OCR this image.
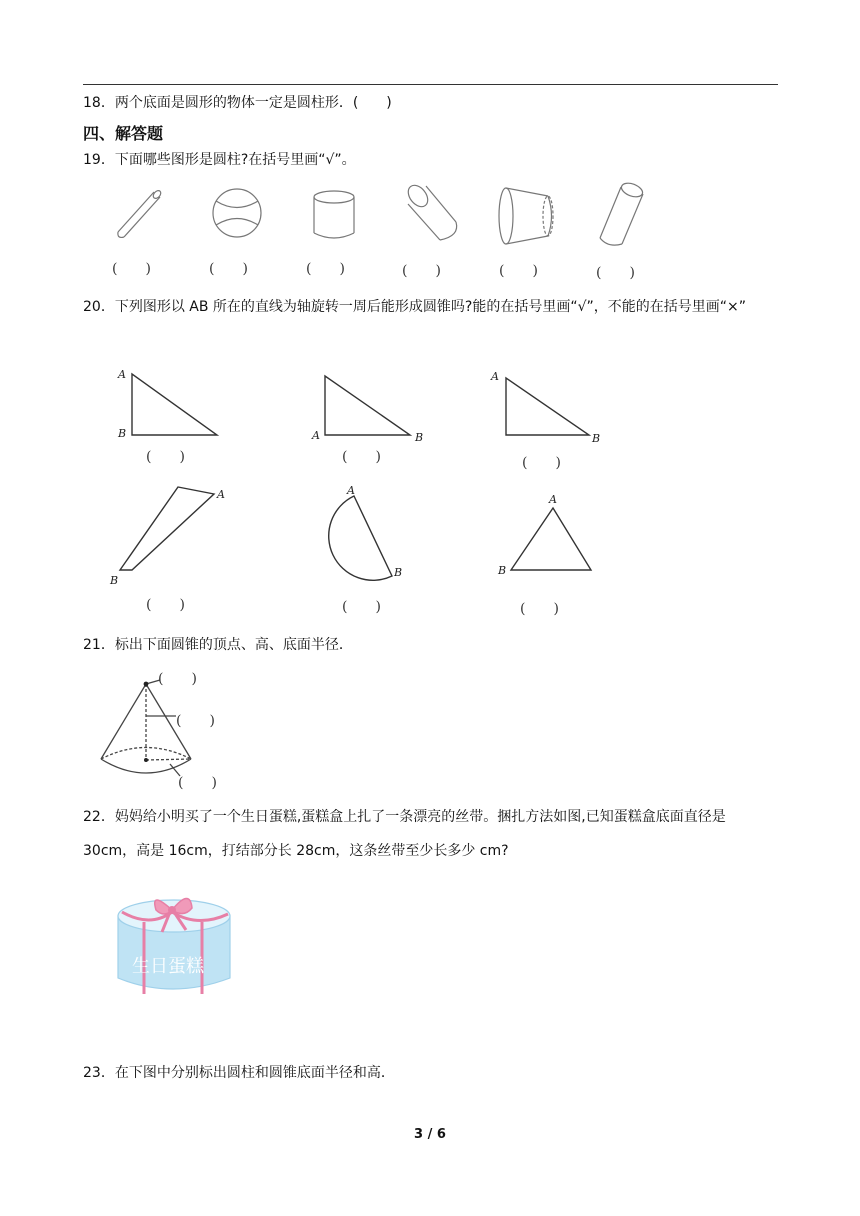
18．两个底面是圆形的物体一定是圆柱形．(　　)
四、解答题
19．下面哪些图形是圆柱?在括号里画“√”。
(　　)	(　　)	(　　)	(　　)	(　　)	(　　)
20．下列图形以 AB 所在的直线为轴旋转一周后能形成圆锥吗?能的在括号里画“√”，不能的在括号里画“×”
A
B	A	B
A
B
(　　)	(　　)	(　　)
A
B
A
B
A
B
(　　)	(　　)	(　　)
21．标出下面圆锥的顶点、高、底面半径．
(　　)
(　　)
(　　)
22．妈妈给小明买了一个生日蛋糕,蛋糕盒上扎了一条漂亮的丝带。捆扎方法如图,已知蛋糕盒底面直径是 30cm，高是 16cm，打结部分长 28cm，这条丝带至少长多少 cm?
生日蛋糕
23．在下图中分别标出圆柱和圆锥底面半径和高．
3 / 6
